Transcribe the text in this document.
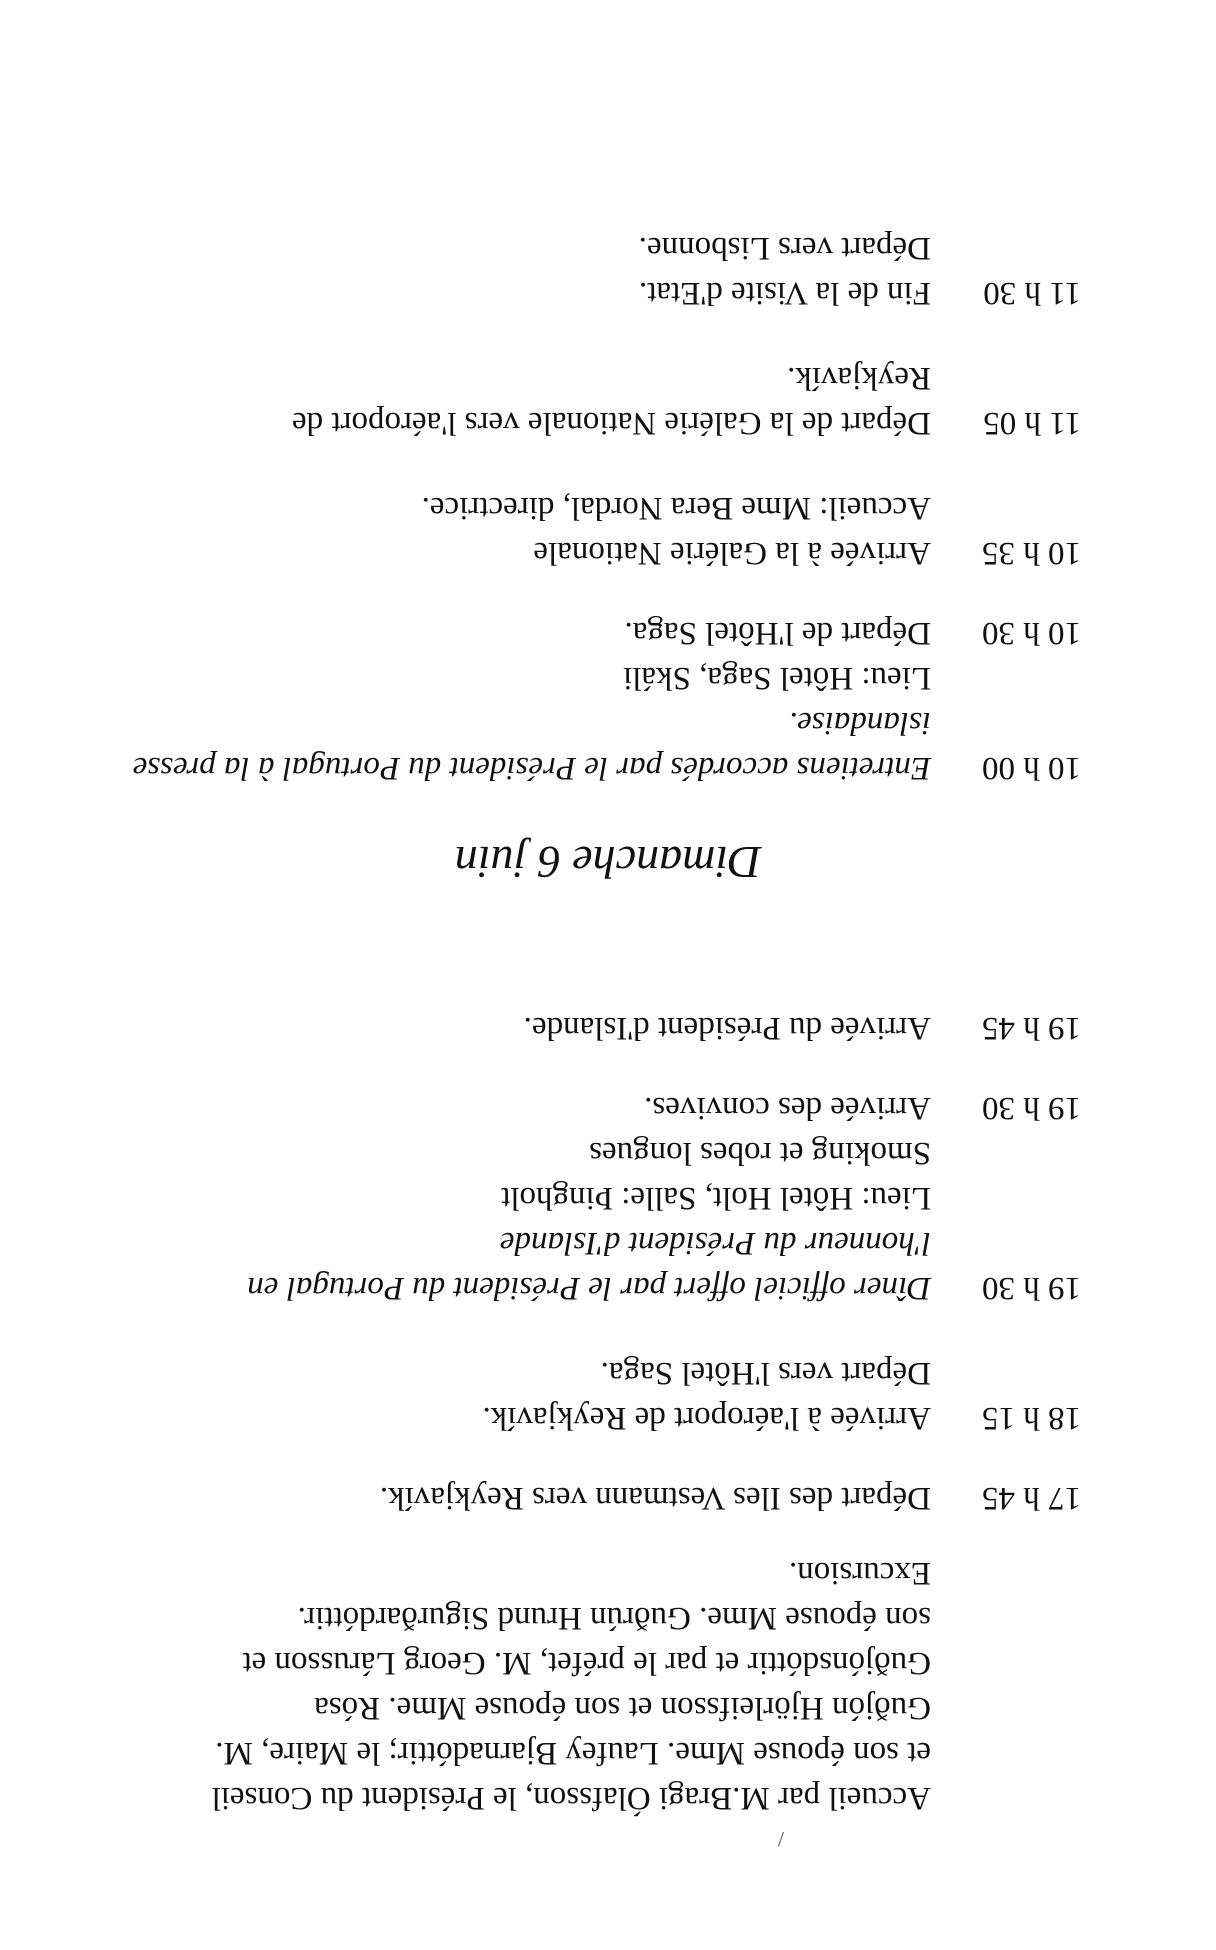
/
Accueil par M.Bragi Ólafsson, le Président du Conseil
et son épouse Mme. Laufey Bjarnadóttir; le Maire, M.
Guðjón Hjörleifsson et son épouse Mme. Rósa
Guðjónsdóttir et par le préfet, M. Georg Lárusson et
son épouse Mme. Guðrún Hrund Sigurðardóttir.
Excursion.
17 h 45
Départ des Iles Vestmann vers Reykjavík.
18 h 15
Arrivée à l'aéroport de Reykjavík.
Départ vers l'Hôtel Saga.
19 h 30
Dîner officiel offert par le Président du Portugal en
l'honneur du Président d'Islande
Lieu: Hôtel Holt, Salle: Þingholt
Smoking et robes longues
19 h 30
Arrivée des convives.
19 h 45
Arrivée du Président d'Islande.
Dimanche 6 juin
10 h 00
Entretiens accordés par le Président du Portugal à la presse
islandaise.
Lieu: Hôtel Saga, Skáli
10 h 30
Départ de l'Hôtel Saga.
10 h 35
Arrivée à la Galérie Nationale
Accueil: Mme Bera Nordal, directrice.
11 h 05
Départ de la Galérie Nationale vers l'aéroport de
Reykjavík.
11 h 30
Fin de la Visite d'Etat.
Départ vers Lisbonne.
